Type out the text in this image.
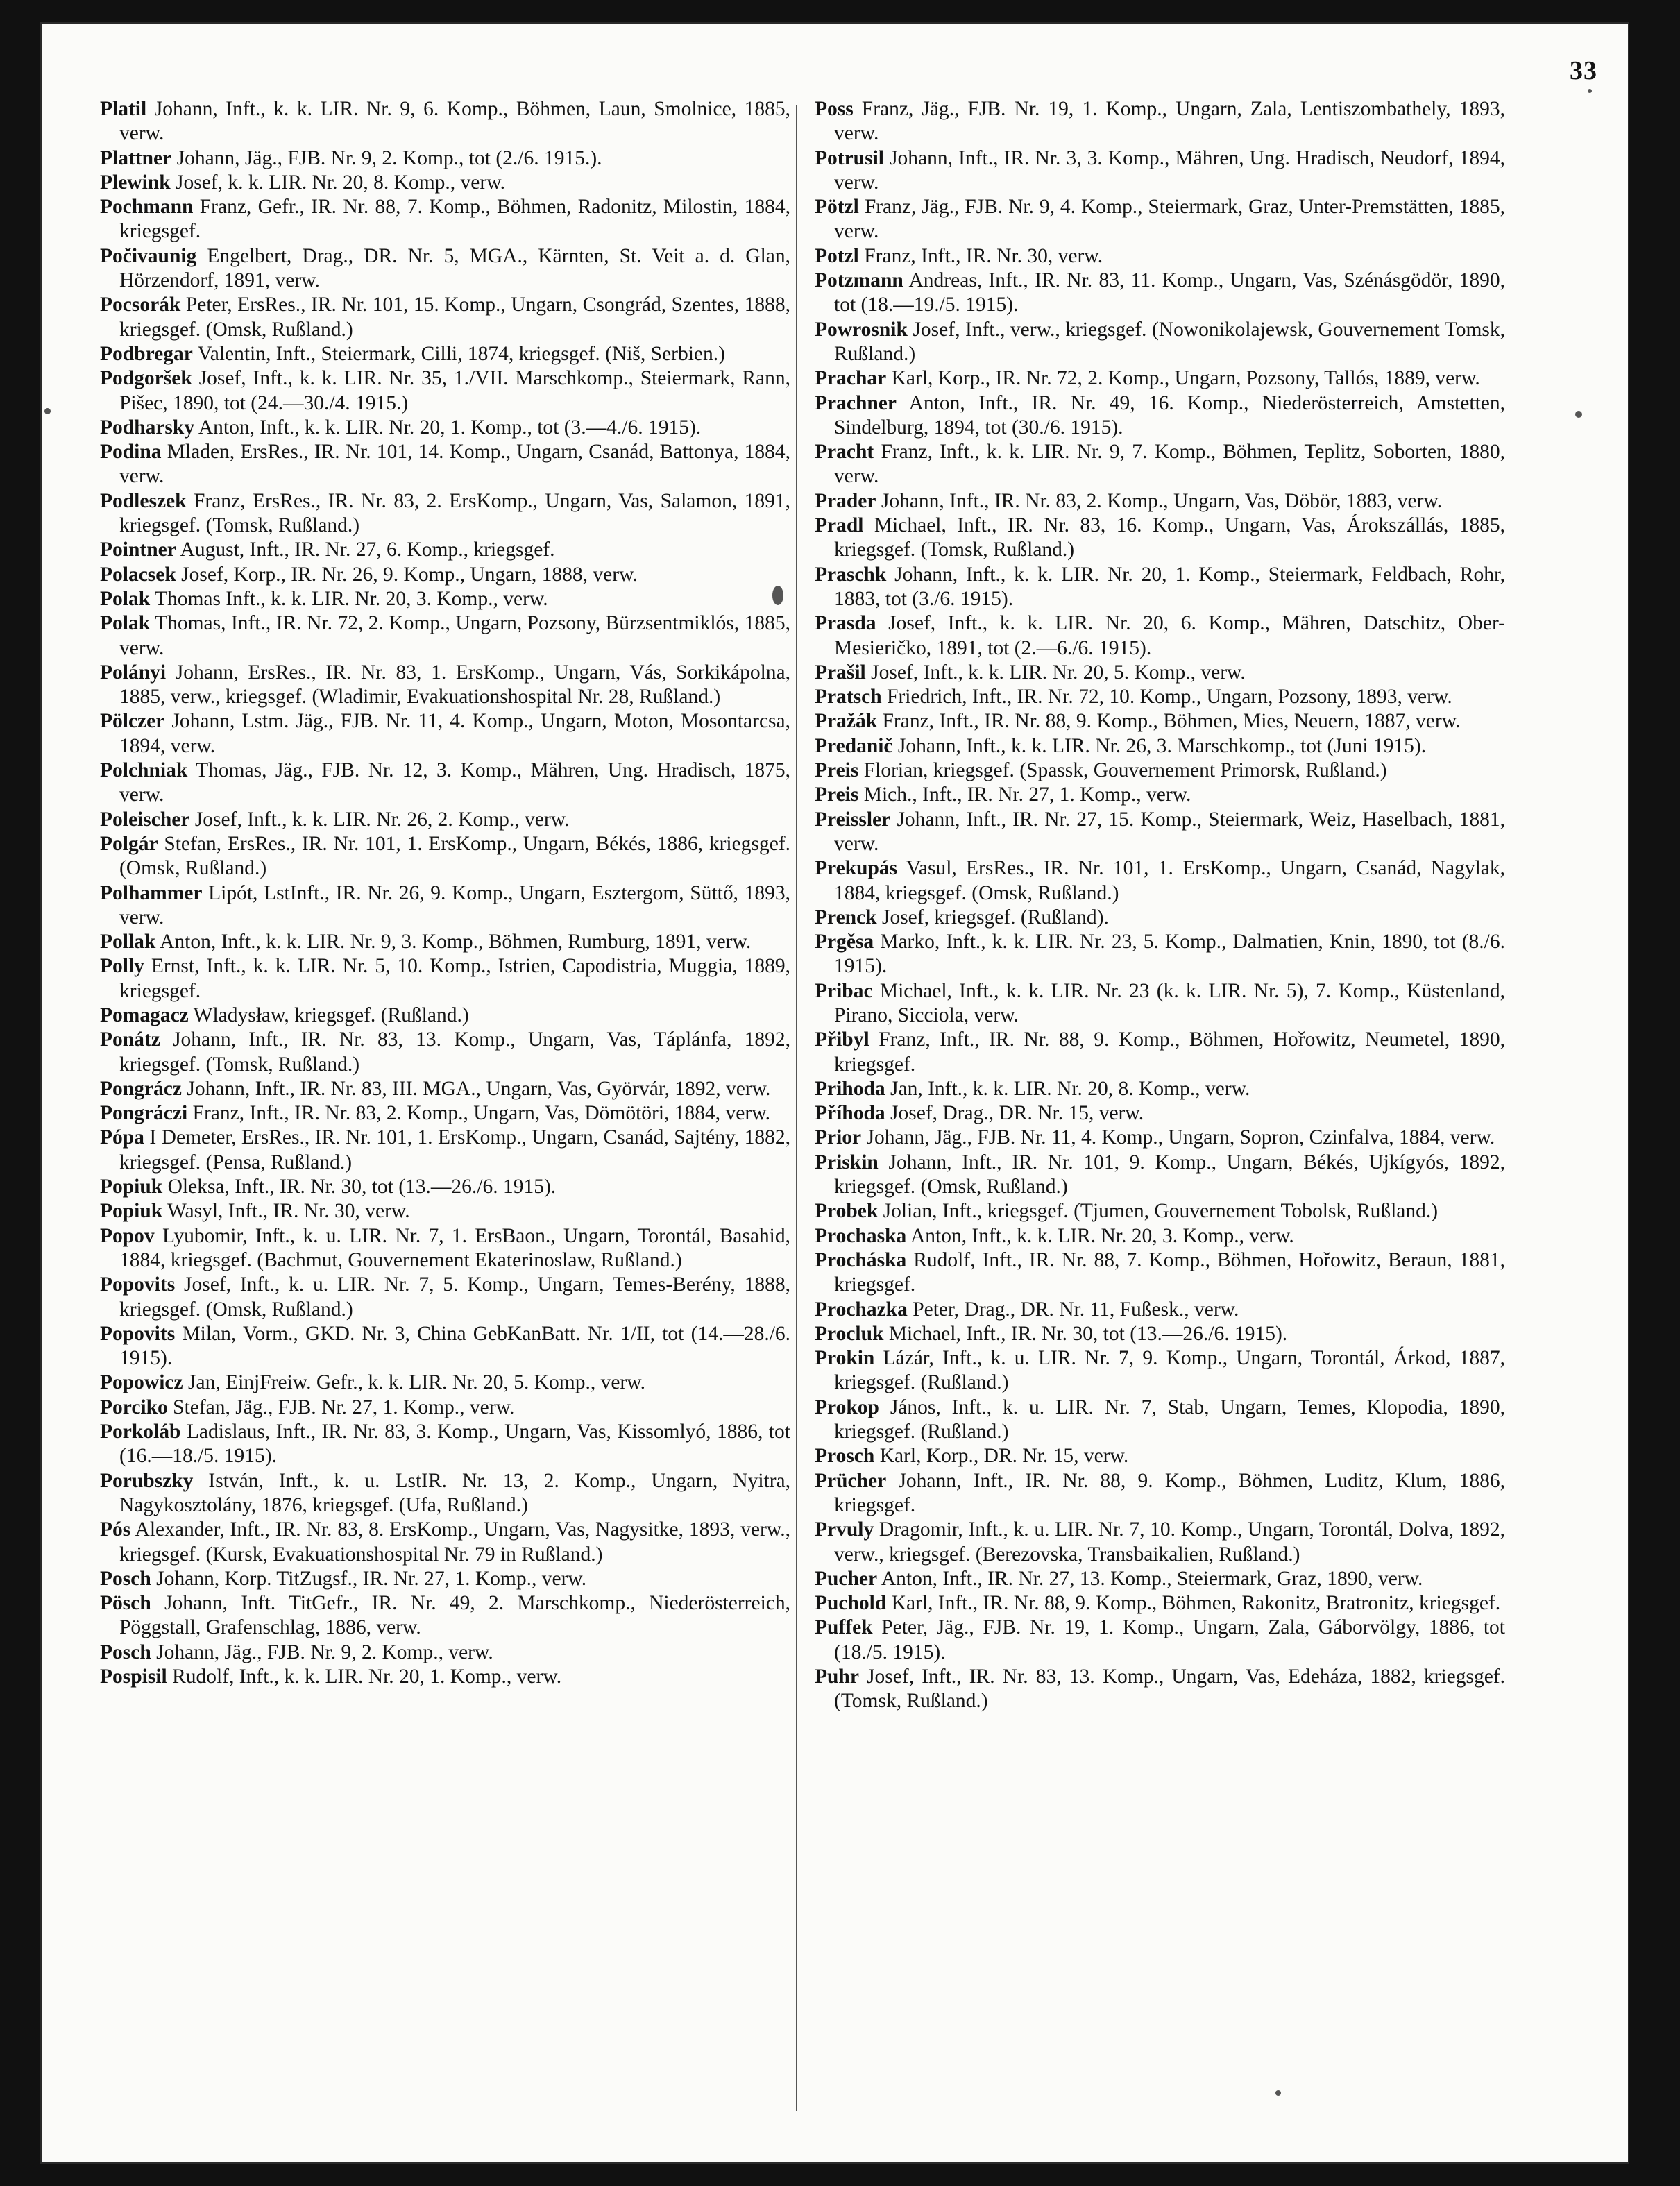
33

Platil Johann, Inft., k. k. LIR. Nr. 9, 6. Komp., Böhmen, Laun, Smolnice, 1885, verw.

Plattner Johann, Jäg., FJB. Nr. 9, 2. Komp., tot (2./6. 1915.).

Plewink Josef, k. k. LIR. Nr. 20, 8. Komp., verw.

Pochmann Franz, Gefr., IR. Nr. 88, 7. Komp., Böhmen, Radonitz, Milostin, 1884, kriegsgef.

Počivaunig Engelbert, Drag., DR. Nr. 5, MGA., Kärnten, St. Veit a. d. Glan, Hörzendorf, 1891, verw.

Pocsorák Peter, ErsRes., IR. Nr. 101, 15. Komp., Ungarn, Csongrád, Szentes, 1888, kriegsgef. (Omsk, Rußland.)

Podbregar Valentin, Inft., Steiermark, Cilli, 1874, kriegsgef. (Niš, Serbien.)

Podgoršek Josef, Inft., k. k. LIR. Nr. 35, 1./VII. Marschkomp., Steiermark, Rann, Pišec, 1890, tot (24.—30./4. 1915.)

Podharsky Anton, Inft., k. k. LIR. Nr. 20, 1. Komp., tot (3.—4./6. 1915).

Podina Mladen, ErsRes., IR. Nr. 101, 14. Komp., Ungarn, Csanád, Battonya, 1884, verw.

Podleszek Franz, ErsRes., IR. Nr. 83, 2. ErsKomp., Ungarn, Vas, Salamon, 1891, kriegsgef. (Tomsk, Rußland.)

Pointner August, Inft., IR. Nr. 27, 6. Komp., kriegsgef.

Polacsek Josef, Korp., IR. Nr. 26, 9. Komp., Ungarn, 1888, verw.

Polak Thomas Inft., k. k. LIR. Nr. 20, 3. Komp., verw.

Polak Thomas, Inft., IR. Nr. 72, 2. Komp., Ungarn, Pozsony, Bürzsentmiklós, 1885, verw.

Polányi Johann, ErsRes., IR. Nr. 83, 1. ErsKomp., Ungarn, Vás, Sorkikápolna, 1885, verw., kriegsgef. (Wladimir, Evakuationshospital Nr. 28, Rußland.)

Pölczer Johann, Lstm. Jäg., FJB. Nr. 11, 4. Komp., Ungarn, Moton, Mosontarcsa, 1894, verw.

Polchniak Thomas, Jäg., FJB. Nr. 12, 3. Komp., Mähren, Ung. Hradisch, 1875, verw.

Poleischer Josef, Inft., k. k. LIR. Nr. 26, 2. Komp., verw.

Polgár Stefan, ErsRes., IR. Nr. 101, 1. ErsKomp., Ungarn, Békés, 1886, kriegsgef. (Omsk, Rußland.)

Polhammer Lipót, LstInft., IR. Nr. 26, 9. Komp., Ungarn, Esztergom, Süttő, 1893, verw.

Pollak Anton, Inft., k. k. LIR. Nr. 9, 3. Komp., Böhmen, Rumburg, 1891, verw.

Polly Ernst, Inft., k. k. LIR. Nr. 5, 10. Komp., Istrien, Capodistria, Muggia, 1889, kriegsgef.

Pomagacz Wladysław, kriegsgef. (Rußland.)

Ponátz Johann, Inft., IR. Nr. 83, 13. Komp., Ungarn, Vas, Táplánfa, 1892, kriegsgef. (Tomsk, Rußland.)

Pongrácz Johann, Inft., IR. Nr. 83, III. MGA., Ungarn, Vas, Györvár, 1892, verw.

Pongráczi Franz, Inft., IR. Nr. 83, 2. Komp., Ungarn, Vas, Dömötöri, 1884, verw.

Pópa I Demeter, ErsRes., IR. Nr. 101, 1. ErsKomp., Ungarn, Csanád, Sajtény, 1882, kriegsgef. (Pensa, Rußland.)

Popiuk Oleksa, Inft., IR. Nr. 30, tot (13.—26./6. 1915).

Popiuk Wasyl, Inft., IR. Nr. 30, verw.

Popov Lyubomir, Inft., k. u. LIR. Nr. 7, 1. ErsBaon., Ungarn, Torontál, Basahid, 1884, kriegsgef. (Bachmut, Gouvernement Ekaterinoslaw, Rußland.)

Popovits Josef, Inft., k. u. LIR. Nr. 7, 5. Komp., Ungarn, Temes-Berény, 1888, kriegsgef. (Omsk, Rußland.)

Popovits Milan, Vorm., GKD. Nr. 3, China GebKanBatt. Nr. 1/II, tot (14.—28./6. 1915).

Popowicz Jan, EinjFreiw. Gefr., k. k. LIR. Nr. 20, 5. Komp., verw.

Porciko Stefan, Jäg., FJB. Nr. 27, 1. Komp., verw.

Porkoláb Ladislaus, Inft., IR. Nr. 83, 3. Komp., Ungarn, Vas, Kissomlyó, 1886, tot (16.—18./5. 1915).

Porubszky István, Inft., k. u. LstIR. Nr. 13, 2. Komp., Ungarn, Nyitra, Nagykosztolány, 1876, kriegsgef. (Ufa, Rußland.)

Pós Alexander, Inft., IR. Nr. 83, 8. ErsKomp., Ungarn, Vas, Nagysitke, 1893, verw., kriegsgef. (Kursk, Evakuationshospital Nr. 79 in Rußland.)

Posch Johann, Korp. TitZugsf., IR. Nr. 27, 1. Komp., verw.

Pösch Johann, Inft. TitGefr., IR. Nr. 49, 2. Marschkomp., Niederösterreich, Pöggstall, Grafenschlag, 1886, verw.

Posch Johann, Jäg., FJB. Nr. 9, 2. Komp., verw.

Pospisil Rudolf, Inft., k. k. LIR. Nr. 20, 1. Komp., verw.

Poss Franz, Jäg., FJB. Nr. 19, 1. Komp., Ungarn, Zala, Lentiszombathely, 1893, verw.

Potrusil Johann, Inft., IR. Nr. 3, 3. Komp., Mähren, Ung. Hradisch, Neudorf, 1894, verw.

Pötzl Franz, Jäg., FJB. Nr. 9, 4. Komp., Steiermark, Graz, Unter-Premstätten, 1885, verw.

Potzl Franz, Inft., IR. Nr. 30, verw.

Potzmann Andreas, Inft., IR. Nr. 83, 11. Komp., Ungarn, Vas, Szénásgödör, 1890, tot (18.—19./5. 1915).

Powrosnik Josef, Inft., verw., kriegsgef. (Nowonikolajewsk, Gouvernement Tomsk, Rußland.)

Prachar Karl, Korp., IR. Nr. 72, 2. Komp., Ungarn, Pozsony, Tallós, 1889, verw.

Prachner Anton, Inft., IR. Nr. 49, 16. Komp., Niederösterreich, Amstetten, Sindelburg, 1894, tot (30./6. 1915).

Pracht Franz, Inft., k. k. LIR. Nr. 9, 7. Komp., Böhmen, Teplitz, Soborten, 1880, verw.

Prader Johann, Inft., IR. Nr. 83, 2. Komp., Ungarn, Vas, Döbör, 1883, verw.

Pradl Michael, Inft., IR. Nr. 83, 16. Komp., Ungarn, Vas, Árokszállás, 1885, kriegsgef. (Tomsk, Rußland.)

Praschk Johann, Inft., k. k. LIR. Nr. 20, 1. Komp., Steiermark, Feldbach, Rohr, 1883, tot (3./6. 1915).

Prasda Josef, Inft., k. k. LIR. Nr. 20, 6. Komp., Mähren, Datschitz, Ober-Mesieričko, 1891, tot (2.—6./6. 1915).

Prašil Josef, Inft., k. k. LIR. Nr. 20, 5. Komp., verw.

Pratsch Friedrich, Inft., IR. Nr. 72, 10. Komp., Ungarn, Pozsony, 1893, verw.

Pražák Franz, Inft., IR. Nr. 88, 9. Komp., Böhmen, Mies, Neuern, 1887, verw.

Predanič Johann, Inft., k. k. LIR. Nr. 26, 3. Marschkomp., tot (Juni 1915).

Preis Florian, kriegsgef. (Spassk, Gouvernement Primorsk, Rußland.)

Preis Mich., Inft., IR. Nr. 27, 1. Komp., verw.

Preissler Johann, Inft., IR. Nr. 27, 15. Komp., Steiermark, Weiz, Haselbach, 1881, verw.

Prekupás Vasul, ErsRes., IR. Nr. 101, 1. ErsKomp., Ungarn, Csanád, Nagylak, 1884, kriegsgef. (Omsk, Rußland.)

Prenck Josef, kriegsgef. (Rußland).

Prgěsa Marko, Inft., k. k. LIR. Nr. 23, 5. Komp., Dalmatien, Knin, 1890, tot (8./6. 1915).

Pribac Michael, Inft., k. k. LIR. Nr. 23 (k. k. LIR. Nr. 5), 7. Komp., Küstenland, Pirano, Sicciola, verw.

Přibyl Franz, Inft., IR. Nr. 88, 9. Komp., Böhmen, Hořowitz, Neumetel, 1890, kriegsgef.

Prihoda Jan, Inft., k. k. LIR. Nr. 20, 8. Komp., verw.

Příhoda Josef, Drag., DR. Nr. 15, verw.

Prior Johann, Jäg., FJB. Nr. 11, 4. Komp., Ungarn, Sopron, Czinfalva, 1884, verw.

Priskin Johann, Inft., IR. Nr. 101, 9. Komp., Ungarn, Békés, Ujkígyós, 1892, kriegsgef. (Omsk, Rußland.)

Probek Jolian, Inft., kriegsgef. (Tjumen, Gouvernement Tobolsk, Rußland.)

Prochaska Anton, Inft., k. k. LIR. Nr. 20, 3. Komp., verw.

Procháska Rudolf, Inft., IR. Nr. 88, 7. Komp., Böhmen, Hořowitz, Beraun, 1881, kriegsgef.

Prochazka Peter, Drag., DR. Nr. 11, Fußesk., verw.

Procluk Michael, Inft., IR. Nr. 30, tot (13.—26./6. 1915).

Prokin Lázár, Inft., k. u. LIR. Nr. 7, 9. Komp., Ungarn, Torontál, Árkod, 1887, kriegsgef. (Rußland.)

Prokop János, Inft., k. u. LIR. Nr. 7, Stab, Ungarn, Temes, Klopodia, 1890, kriegsgef. (Rußland.)

Prosch Karl, Korp., DR. Nr. 15, verw.

Prücher Johann, Inft., IR. Nr. 88, 9. Komp., Böhmen, Luditz, Klum, 1886, kriegsgef.

Prvuly Dragomir, Inft., k. u. LIR. Nr. 7, 10. Komp., Ungarn, Torontál, Dolva, 1892, verw., kriegsgef. (Berezovska, Transbaikalien, Rußland.)

Pucher Anton, Inft., IR. Nr. 27, 13. Komp., Steiermark, Graz, 1890, verw.

Puchold Karl, Inft., IR. Nr. 88, 9. Komp., Böhmen, Rakonitz, Bratronitz, kriegsgef.

Puffek Peter, Jäg., FJB. Nr. 19, 1. Komp., Ungarn, Zala, Gáborvölgy, 1886, tot (18./5. 1915).

Puhr Josef, Inft., IR. Nr. 83, 13. Komp., Ungarn, Vas, Edeháza, 1882, kriegsgef. (Tomsk, Rußland.)
